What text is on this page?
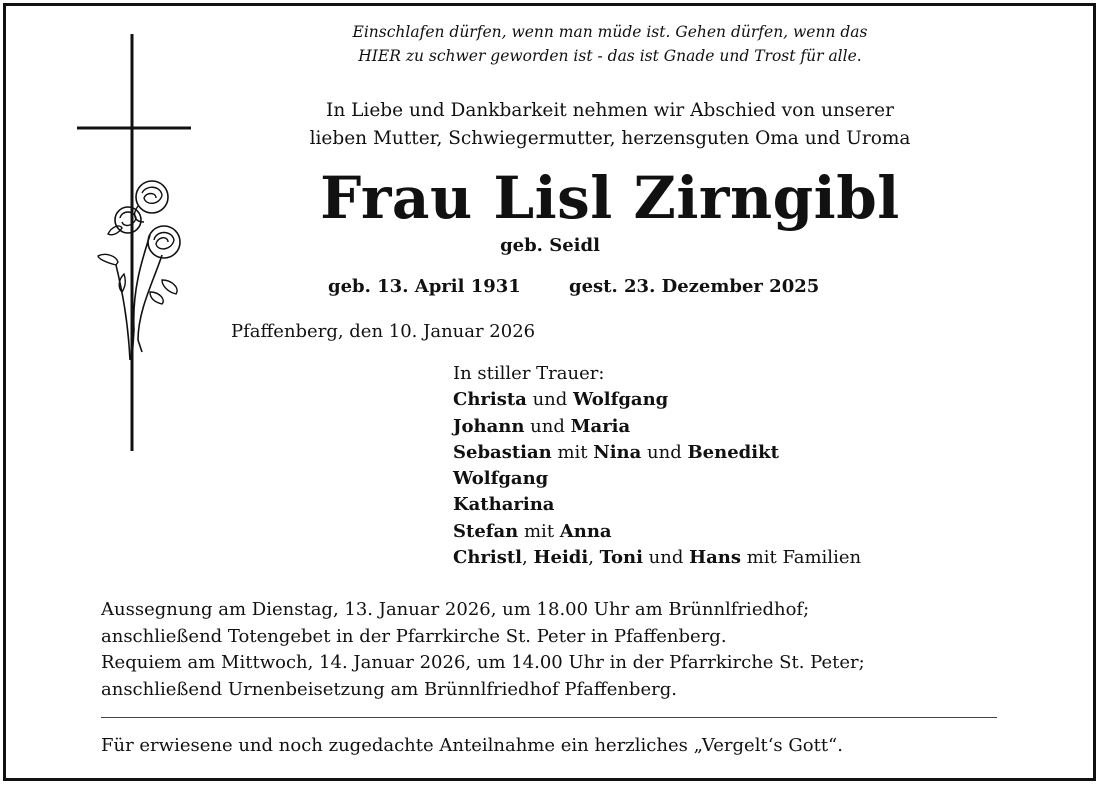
Einschlafen dürfen, wenn man müde ist. Gehen dürfen, wenn das
HIER zu schwer geworden ist - das ist Gnade und Trost für alle.
In Liebe und Dankbarkeit nehmen wir Abschied von unserer
lieben Mutter, Schwiegermutter, herzensguten Oma und Uroma
Frau Lisl Zirngibl
geb. Seidl
geb. 13. April 1931	gest. 23. Dezember 2025
Pfaffenberg, den 10. Januar 2026
In stiller Trauer:
Christa und Wolfgang
Johann und Maria
Sebastian mit Nina und Benedikt
Wolfgang
Katharina
Stefan mit Anna
Christl, Heidi, Toni und Hans mit Familien
Aussegnung am Dienstag, 13. Januar 2026, um 18.00 Uhr am Brünnlfriedhof;
anschließend Totengebet in der Pfarrkirche St. Peter in Pfaffenberg.
Requiem am Mittwoch, 14. Januar 2026, um 14.00 Uhr in der Pfarrkirche St. Peter;
anschließend Urnenbeisetzung am Brünnlfriedhof Pfaffenberg.
Für erwiesene und noch zugedachte Anteilnahme ein herzliches „Vergelt‘s Gott“.
